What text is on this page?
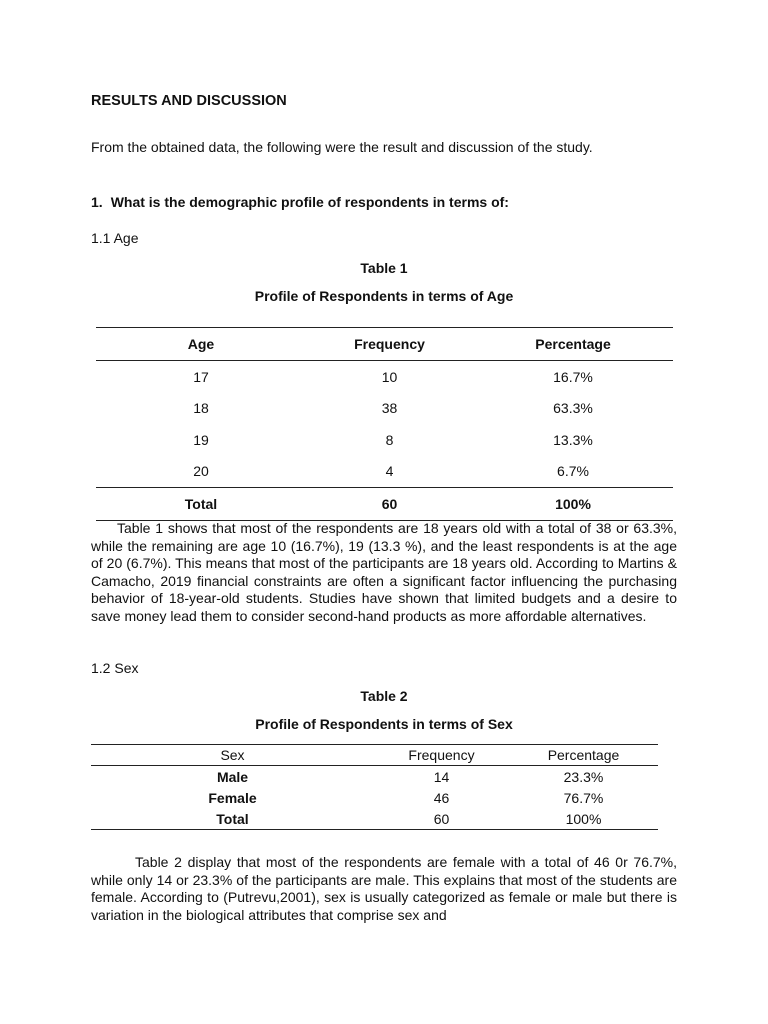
RESULTS AND DISCUSSION

From the obtained data, the following were the result and discussion of the study.

1. What is the demographic profile of respondents in terms of:

1.1 Age

Table 1

Profile of Respondents in terms of Age

Age	Frequency	Percentage
17	10	16.7%
18	38	63.3%
19	8	13.3%
20	4	6.7%
Total	60	100%

Table 1 shows that most of the respondents are 18 years old with a total of 38 or 63.3%, while the remaining are age 10 (16.7%), 19 (13.3 %), and the least respondents is at the age of 20 (6.7%). This means that most of the participants are 18 years old. According to Martins & Camacho, 2019 financial constraints are often a significant factor influencing the purchasing behavior of 18-year-old students. Studies have shown that limited budgets and a desire to save money lead them to consider second-hand products as more affordable alternatives.

1.2 Sex

Table 2

Profile of Respondents in terms of Sex

Sex	Frequency	Percentage
Male	14	23.3%
Female	46	76.7%
Total	60	100%

Table 2 display that most of the respondents are female with a total of 46 0r 76.7%, while only 14 or 23.3% of the participants are male. This explains that most of the students are female. According to (Putrevu,2001), sex is usually categorized as female or male but there is variation in the biological attributes that comprise sex and
